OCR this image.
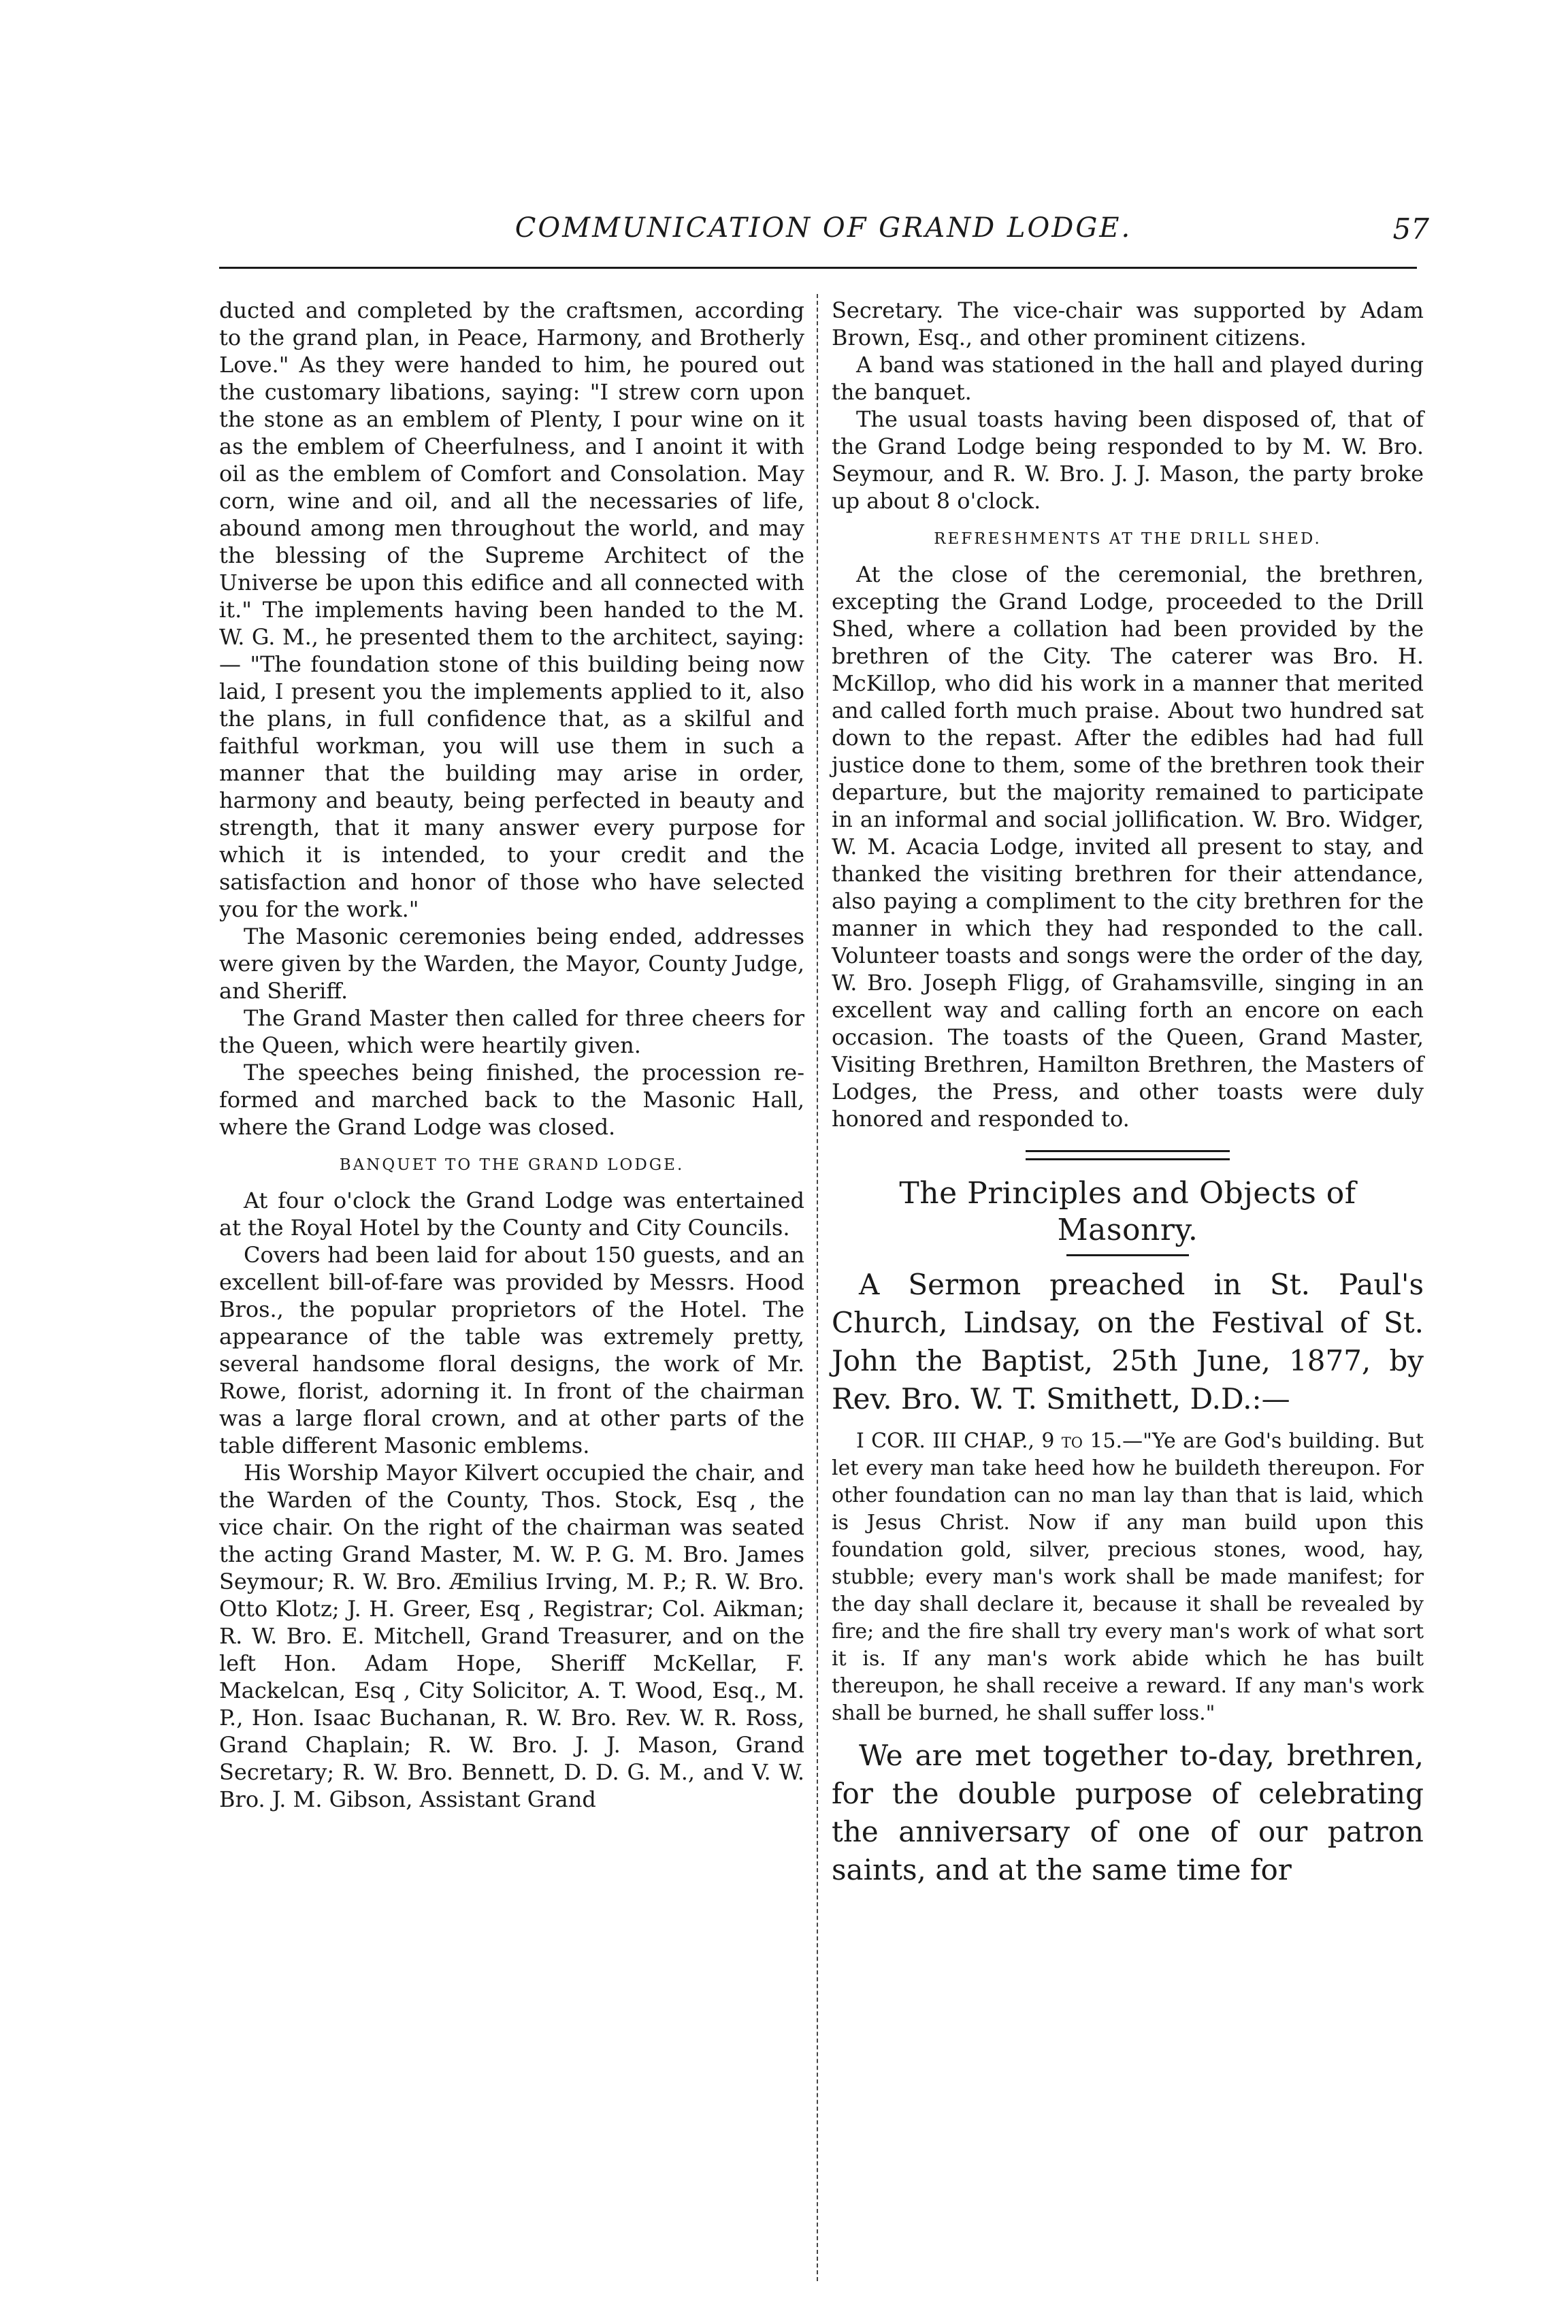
COMMUNICATION OF GRAND LODGE.	57

ducted and completed by the craftsmen, according to the grand plan, in Peace, Harmony, and Brotherly Love." As they were handed to him, he poured out the customary libations, saying: "I strew corn upon the stone as an emblem of Plenty, I pour wine on it as the emblem of Cheerfulness, and I anoint it with oil as the emblem of Comfort and Consolation. May corn, wine and oil, and all the necessaries of life, abound among men throughout the world, and may the blessing of the Supreme Architect of the Universe be upon this edifice and all connected with it." The implements having been handed to the M. W. G. M., he presented them to the architect, saying:— "The foundation stone of this building being now laid, I present you the implements applied to it, also the plans, in full confidence that, as a skilful and faithful workman, you will use them in such a manner that the building may arise in order, harmony and beauty, being perfected in beauty and strength, that it many answer every purpose for which it is intended, to your credit and the satisfaction and honor of those who have selected you for the work."

The Masonic ceremonies being ended, addresses were given by the Warden, the Mayor, County Judge, and Sheriff.

The Grand Master then called for three cheers for the Queen, which were heartily given.

The speeches being finished, the procession re-formed and marched back to the Masonic Hall, where the Grand Lodge was closed.

BANQUET TO THE GRAND LODGE.

At four o'clock the Grand Lodge was entertained at the Royal Hotel by the County and City Councils.

Covers had been laid for about 150 guests, and an excellent bill-of-fare was provided by Messrs. Hood Bros., the popular proprietors of the Hotel. The appearance of the table was extremely pretty, several handsome floral designs, the work of Mr. Rowe, florist, adorning it. In front of the chairman was a large floral crown, and at other parts of the table different Masonic emblems.

His Worship Mayor Kilvert occupied the chair, and the Warden of the County, Thos. Stock, Esq , the vice chair. On the right of the chairman was seated the acting Grand Master, M. W. P. G. M. Bro. James Seymour; R. W. Bro. Æmilius Irving, M. P.; R. W. Bro. Otto Klotz; J. H. Greer, Esq , Registrar; Col. Aikman; R. W. Bro. E. Mitchell, Grand Treasurer, and on the left Hon. Adam Hope, Sheriff McKellar, F. Mackelcan, Esq , City Solicitor, A. T. Wood, Esq., M. P., Hon. Isaac Buchanan, R. W. Bro. Rev. W. R. Ross, Grand Chaplain; R. W. Bro. J. J. Mason, Grand Secretary; R. W. Bro. Bennett, D. D. G. M., and V. W. Bro. J. M. Gibson, Assistant Grand

Secretary. The vice-chair was supported by Adam Brown, Esq., and other prominent citizens.

A band was stationed in the hall and played during the banquet.

The usual toasts having been disposed of, that of the Grand Lodge being responded to by M. W. Bro. Seymour, and R. W. Bro. J. J. Mason, the party broke up about 8 o'clock.

REFRESHMENTS AT THE DRILL SHED.

At the close of the ceremonial, the brethren, excepting the Grand Lodge, proceeded to the Drill Shed, where a collation had been provided by the brethren of the City. The caterer was Bro. H. McKillop, who did his work in a manner that merited and called forth much praise. About two hundred sat down to the repast. After the edibles had had full justice done to them, some of the brethren took their departure, but the majority remained to participate in an informal and social jollification. W. Bro. Widger, W. M. Acacia Lodge, invited all present to stay, and thanked the visiting brethren for their attendance, also paying a compliment to the city brethren for the manner in which they had responded to the call. Volunteer toasts and songs were the order of the day, W. Bro. Joseph Fligg, of Grahamsville, singing in an excellent way and calling forth an encore on each occasion. The toasts of the Queen, Grand Master, Visiting Brethren, Hamilton Brethren, the Masters of Lodges, the Press, and other toasts were duly honored and responded to.

The Principles and Objects of Masonry.

A Sermon preached in St. Paul's Church, Lindsay, on the Festival of St. John the Baptist, 25th June, 1877, by Rev. Bro. W. T. Smithett, D.D.:—

I COR. III CHAP., 9 to 15.—"Ye are God's building. But let every man take heed how he buildeth thereupon. For other foundation can no man lay than that is laid, which is Jesus Christ. Now if any man build upon this foundation gold, silver, precious stones, wood, hay, stubble; every man's work shall be made manifest; for the day shall declare it, because it shall be revealed by fire; and the fire shall try every man's work of what sort it is. If any man's work abide which he has built thereupon, he shall receive a reward. If any man's work shall be burned, he shall suffer loss."

We are met together to-day, brethren, for the double purpose of celebrating the anniversary of one of our patron saints, and at the same time for
